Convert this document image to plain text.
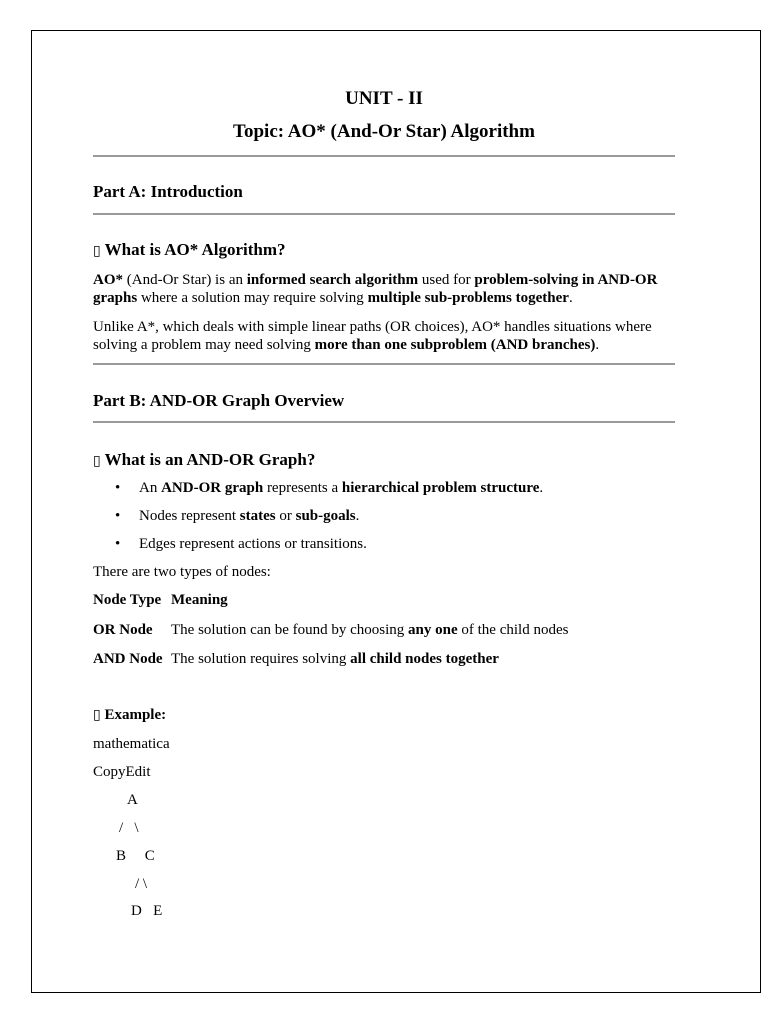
UNIT - II
Topic: AO* (And-Or Star) Algorithm
Part A: Introduction
▯ What is AO* Algorithm?
AO* (And-Or Star) is an informed search algorithm used for problem-solving in AND-OR graphs where a solution may require solving multiple sub-problems together.
Unlike A*, which deals with simple linear paths (OR choices), AO* handles situations where solving a problem may need solving more than one subproblem (AND branches).
Part B: AND-OR Graph Overview
▯ What is an AND-OR Graph?
• An AND-OR graph represents a hierarchical problem structure.
• Nodes represent states or sub-goals.
• Edges represent actions or transitions.
There are two types of nodes:
Node Type Meaning
OR Node The solution can be found by choosing any one of the child nodes
AND Node The solution requires solving all child nodes together
▯ Example:
mathematica
CopyEdit
A
/   \
B     C
/ \
D   E
